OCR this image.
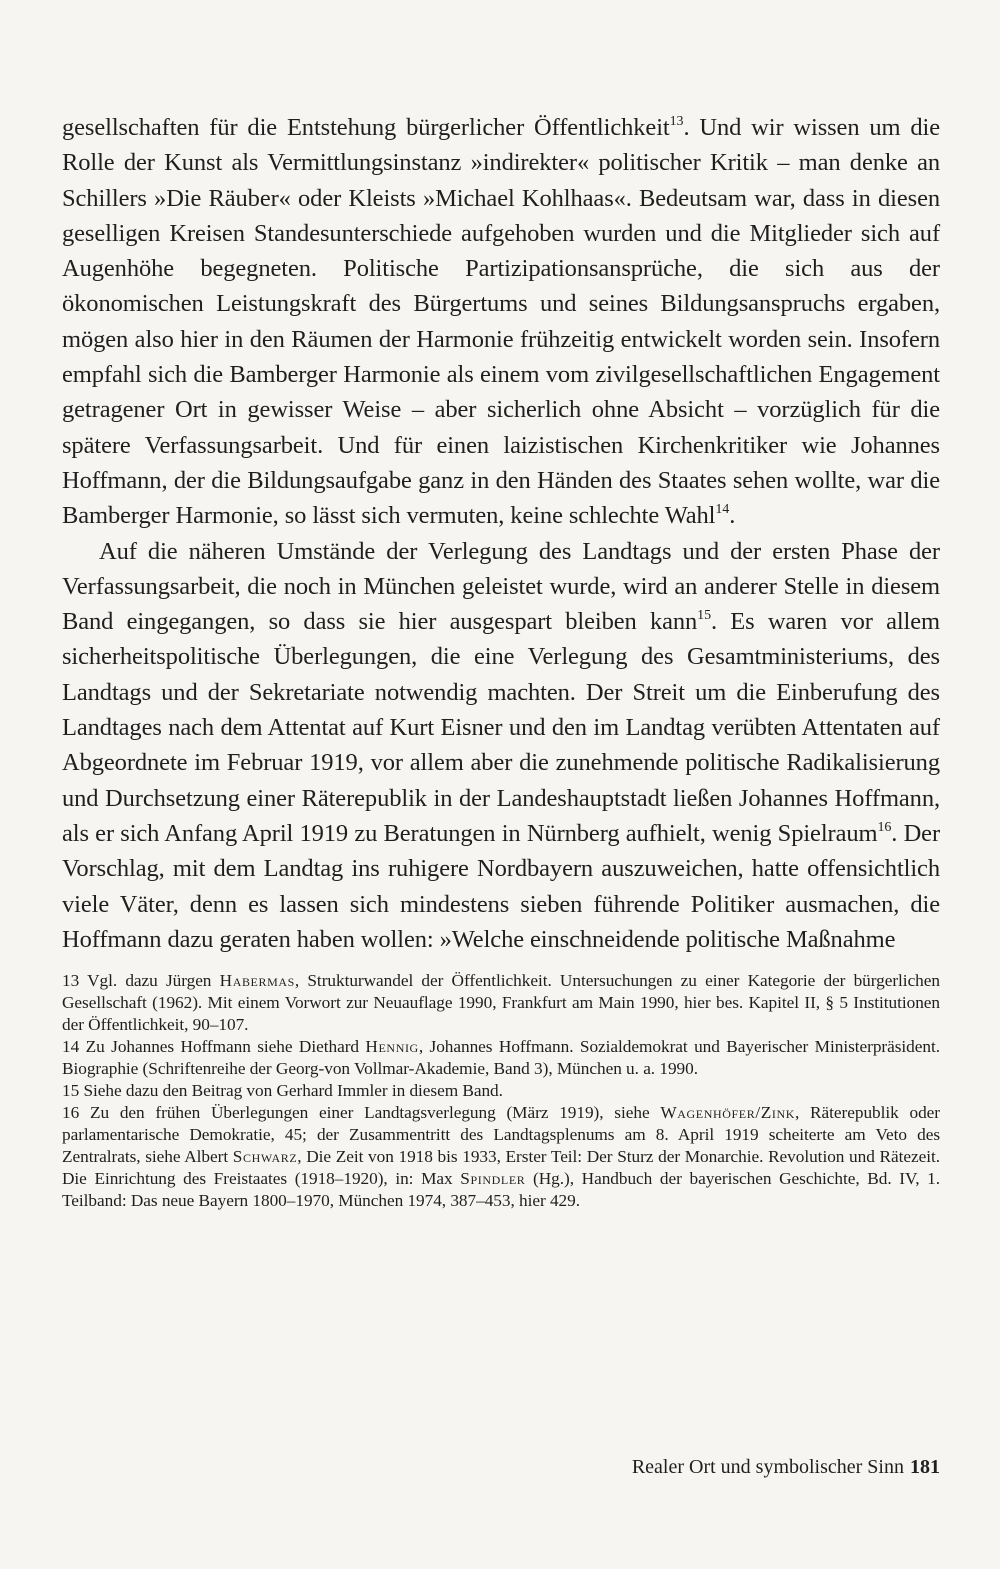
gesellschaften für die Entstehung bürgerlicher Öffentlichkeit$^{13}$. Und wir wissen um die Rolle der Kunst als Vermittlungsinstanz »indirekter« politischer Kritik – man denke an Schillers »Die Räuber« oder Kleists »Michael Kohlhaas«. Bedeutsam war, dass in diesen geselligen Kreisen Standesunterschiede aufgehoben wurden und die Mitglieder sich auf Augenhöhe begegneten. Politische Partizipationsansprüche, die sich aus der ökonomischen Leistungskraft des Bürgertums und seines Bildungsanspruchs ergaben, mögen also hier in den Räumen der Harmonie frühzeitig entwickelt worden sein. Insofern empfahl sich die Bamberger Harmonie als einem vom zivilgesellschaftlichen Engagement getragener Ort in gewisser Weise – aber sicherlich ohne Absicht – vorzüglich für die spätere Verfassungsarbeit. Und für einen laizistischen Kirchenkritiker wie Johannes Hoffmann, der die Bildungsaufgabe ganz in den Händen des Staates sehen wollte, war die Bamberger Harmonie, so lässt sich vermuten, keine schlechte Wahl$^{14}$.

Auf die näheren Umstände der Verlegung des Landtags und der ersten Phase der Verfassungsarbeit, die noch in München geleistet wurde, wird an anderer Stelle in diesem Band eingegangen, so dass sie hier ausgespart bleiben kann$^{15}$. Es waren vor allem sicherheitspolitische Überlegungen, die eine Verlegung des Gesamtministeriums, des Landtags und der Sekretariate notwendig machten. Der Streit um die Einberufung des Landtages nach dem Attentat auf Kurt Eisner und den im Landtag verübten Attentaten auf Abgeordnete im Februar 1919, vor allem aber die zunehmende politische Radikalisierung und Durchsetzung einer Räterepublik in der Landeshauptstadt ließen Johannes Hoffmann, als er sich Anfang April 1919 zu Beratungen in Nürnberg aufhielt, wenig Spielraum$^{16}$. Der Vorschlag, mit dem Landtag ins ruhigere Nordbayern auszuweichen, hatte offensichtlich viele Väter, denn es lassen sich mindestens sieben führende Politiker ausmachen, die Hoffmann dazu geraten haben wollen: »Welche einschneidende politische Maßnahme

13 Vgl. dazu Jürgen Habermas, Strukturwandel der Öffentlichkeit. Untersuchungen zu einer Kategorie der bürgerlichen Gesellschaft (1962). Mit einem Vorwort zur Neuauflage 1990, Frankfurt am Main 1990, hier bes. Kapitel II, § 5 Institutionen der Öffentlichkeit, 90–107.

14 Zu Johannes Hoffmann siehe Diethard Hennig, Johannes Hoffmann. Sozialdemokrat und Bayerischer Ministerpräsident. Biographie (Schriftenreihe der Georg-von Vollmar-Akademie, Band 3), München u. a. 1990.

15 Siehe dazu den Beitrag von Gerhard Immler in diesem Band.

16 Zu den frühen Überlegungen einer Landtagsverlegung (März 1919), siehe Wagenhöfer/Zink, Räterepublik oder parlamentarische Demokratie, 45; der Zusammentritt des Landtagsplenums am 8. April 1919 scheiterte am Veto des Zentralrats, siehe Albert Schwarz, Die Zeit von 1918 bis 1933, Erster Teil: Der Sturz der Monarchie. Revolution und Rätezeit. Die Einrichtung des Freistaates (1918–1920), in: Max Spindler (Hg.), Handbuch der bayerischen Geschichte, Bd. IV, 1. Teilband: Das neue Bayern 1800–1970, München 1974, 387–453, hier 429.

Realer Ort und symbolischer Sinn 181
